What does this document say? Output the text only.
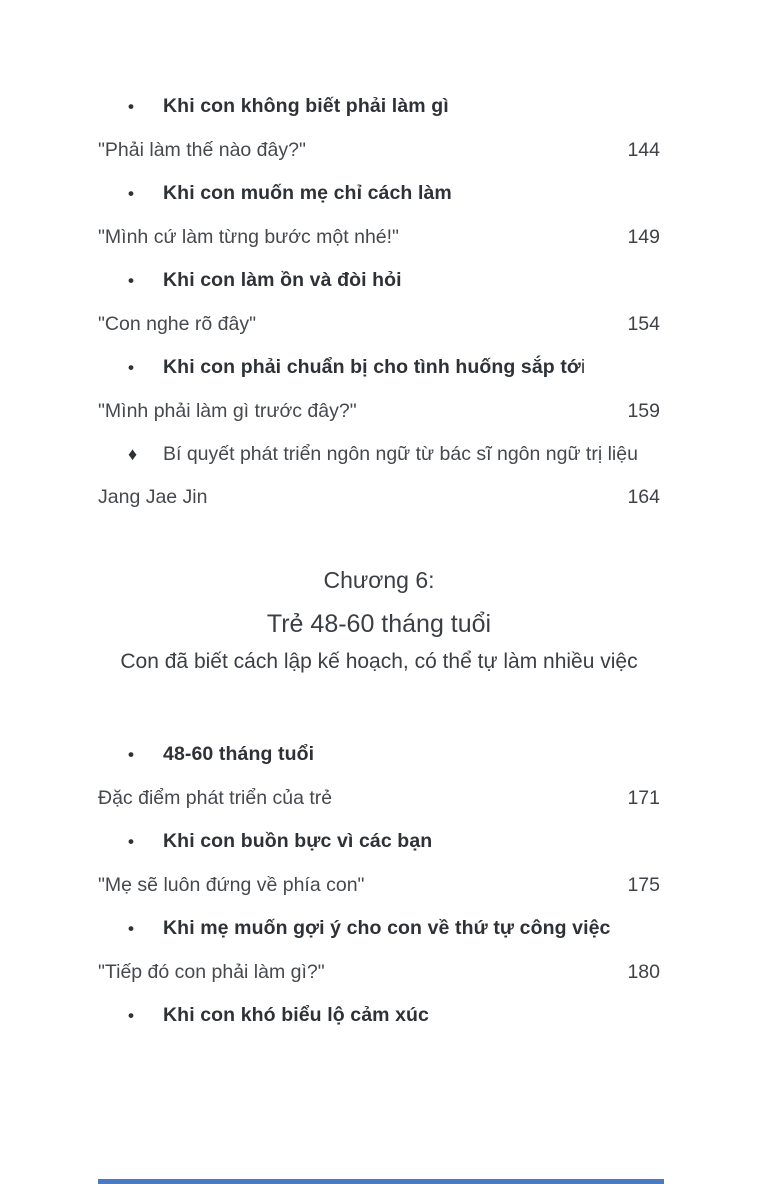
•	Khi con không biết phải làm gì
"Phải làm thế nào đây?"	144
•	Khi con muốn mẹ chỉ cách làm
"Mình cứ làm từng bước một nhé!"	149
•	Khi con làm ồn và đòi hỏi
"Con nghe rõ đây"	154
•	Khi con phải chuẩn bị cho tình huống sắp tới
"Mình phải làm gì trước đây?"	159
♦	Bí quyết phát triển ngôn ngữ từ bác sĩ ngôn ngữ trị liệu
Jang Jae Jin	164
Chương 6:
Trẻ 48-60 tháng tuổi
Con đã biết cách lập kế hoạch, có thể tự làm nhiều việc
•	48-60 tháng tuổi
Đặc điểm phát triển của trẻ	171
•	Khi con buồn bực vì các bạn
"Mẹ sẽ luôn đứng về phía con"	175
•	Khi mẹ muốn gợi ý cho con về thứ tự công việc
"Tiếp đó con phải làm gì?"	180
•	Khi con khó biểu lộ cảm xúc
